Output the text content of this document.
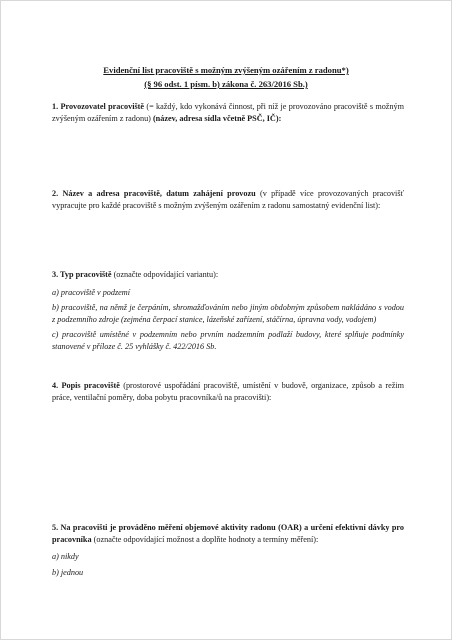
Evidenční list pracoviště s možným zvýšeným ozářením z radonu*)
(§ 96 odst. 1 písm. b) zákona č. 263/2016 Sb.)

1. Provozovatel pracoviště (= každý, kdo vykonává činnost, při níž je provozováno pracoviště s možným zvýšeným ozářením z radonu) (název, adresa sídla včetně PSČ, IČ):

2. Název a adresa pracoviště, datum zahájení provozu (v případě více provozovaných pracovišť vypracujte pro každé pracoviště s možným zvýšeným ozářením z radonu samostatný evidenční list):

3. Typ pracoviště (označte odpovídající variantu):

a) pracoviště v podzemí

b) pracoviště, na němž je čerpáním, shromažďováním nebo jiným obdobným způsobem nakládáno s vodou z podzemního zdroje (zejména čerpací stanice, lázeňské zařízení, stáčírna, úpravna vody, vodojem)

c) pracoviště umístěné v podzemním nebo prvním nadzemním podlaží budovy, které splňuje podmínky stanovené v příloze č. 25 vyhlášky č. 422/2016 Sb.

4. Popis pracoviště (prostorové uspořádání pracoviště, umístění v budově, organizace, způsob a režim práce, ventilační poměry, doba pobytu pracovníka/ů na pracovišti):

5. Na pracovišti je prováděno měření objemové aktivity radonu (OAR) a určení efektivní dávky pro pracovníka (označte odpovídající možnost a doplňte hodnoty a termíny měření):

a) nikdy

b) jednou
